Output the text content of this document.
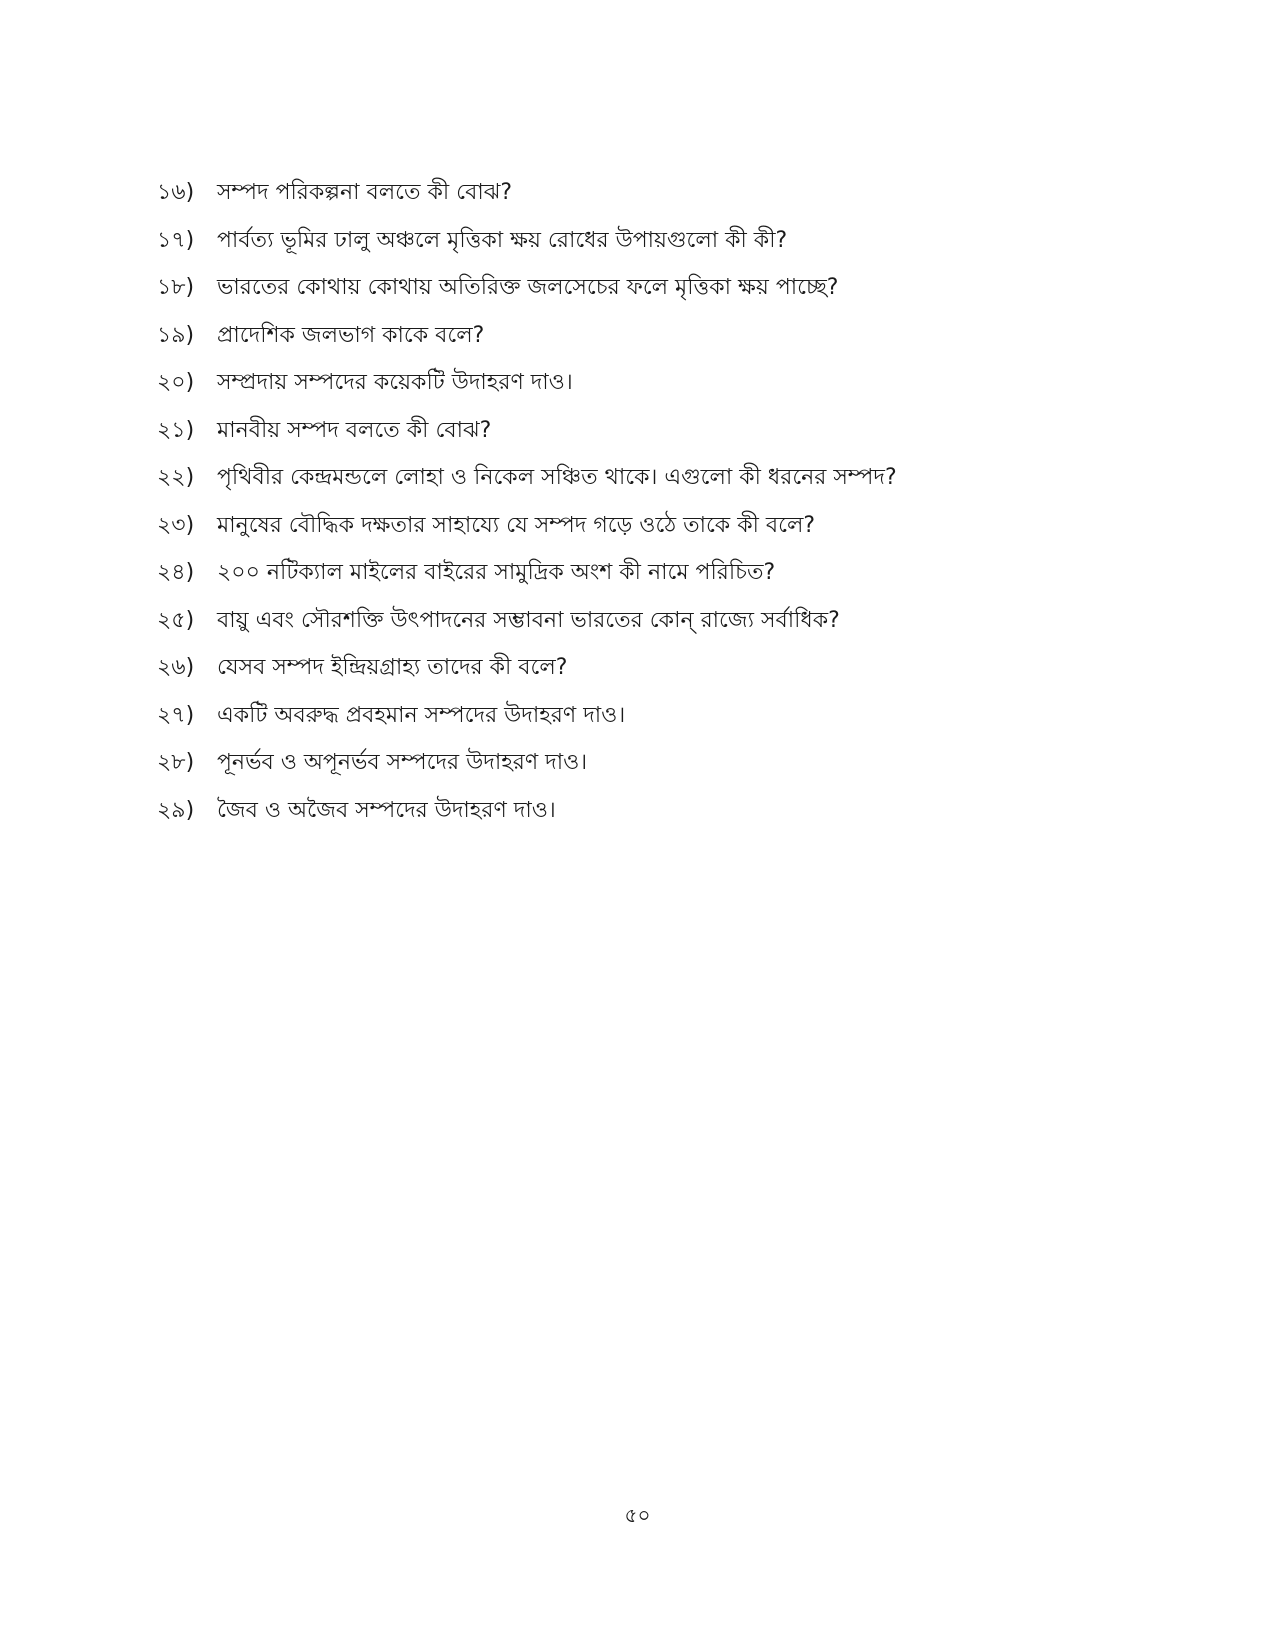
১৬)	সম্পদ পরিকল্পনা বলতে কী বোঝ?
১৭)	পার্বত্য ভূমির ঢালু অঞ্চলে মৃত্তিকা ক্ষয় রোধের উপায়গুলো কী কী?
১৮)	ভারতের কোথায় কোথায় অতিরিক্ত জলসেচের ফলে মৃত্তিকা ক্ষয় পাচ্ছে?
১৯)	প্রাদেশিক জলভাগ কাকে বলে?
২০)	সম্প্রদায় সম্পদের কয়েকটি উদাহরণ দাও।
২১)	মানবীয় সম্পদ বলতে কী বোঝ?
২২)	পৃথিবীর কেন্দ্রমন্ডলে লোহা ও নিকেল সঞ্চিত থাকে। এগুলো কী ধরনের সম্পদ?
২৩)	মানুষের বৌদ্ধিক দক্ষতার সাহায্যে যে সম্পদ গড়ে ওঠে তাকে কী বলে?
২৪)	২০০ নটিক্যাল মাইলের বাইরের সামুদ্রিক অংশ কী নামে পরিচিত?
২৫)	বায়ু এবং সৌরশক্তি উৎপাদনের সম্ভাবনা ভারতের কোন্ রাজ্যে সর্বাধিক?
২৬)	যেসব সম্পদ ইন্দ্রিয়গ্রাহ্য তাদের কী বলে?
২৭)	একটি অবরুদ্ধ প্রবহমান সম্পদের উদাহরণ দাও।
২৮)	পূনর্ভব ও অপূনর্ভব সম্পদের উদাহরণ দাও।
২৯)	জৈব ও অজৈব সম্পদের উদাহরণ দাও।
৫০
